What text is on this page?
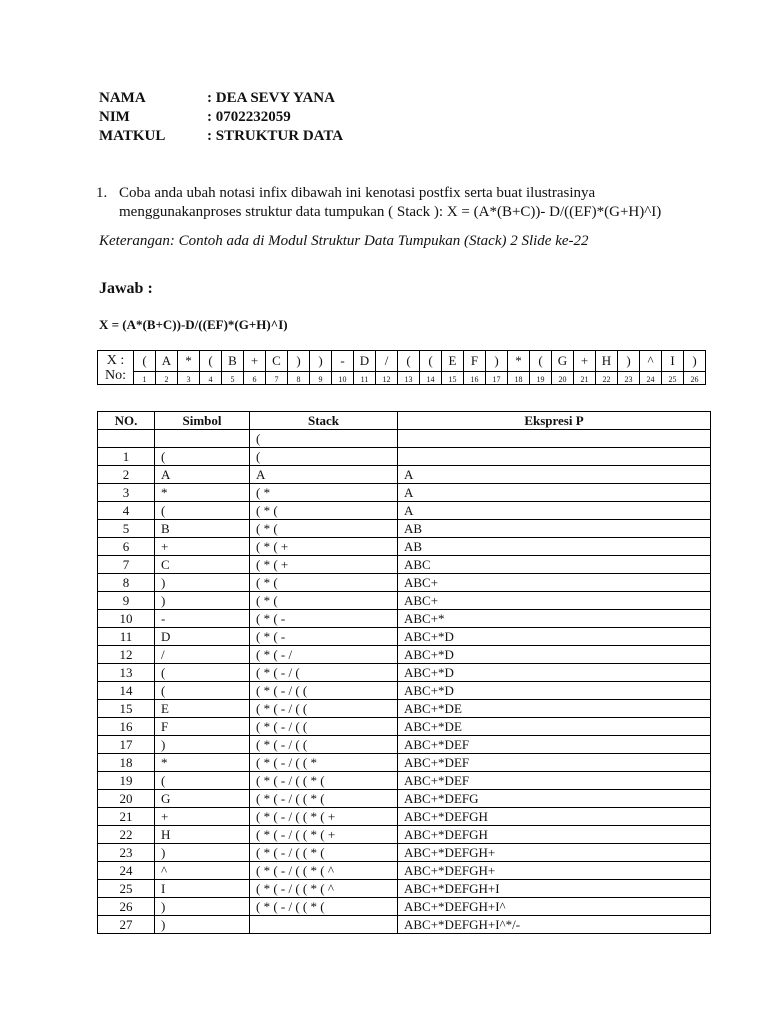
NAMA	: DEA SEVY YANA
NIM	: 0702232059
MATKUL	: STRUKTUR DATA
1. Coba anda ubah notasi infix dibawah ini kenotasi postfix serta buat ilustrasinya
menggunakanproses struktur data tumpukan ( Stack ): X = (A*(B+C))- D/((EF)*(G+H)^I)
Keterangan: Contoh ada di Modul Struktur Data Tumpukan (Stack) 2 Slide ke-22
Jawab :
X = (A*(B+C))-D/((EF)*(G+H)^I)
X :
No:	(	A	*	(	B	+	C	)	)	-	D	/	(	(	E	F	)	*	(	G	+	H	)	^	I	)
	1	2	3	4	5	6	7	8	9	10	11	12	13	14	15	16	17	18	19	20	21	22	23	24	25	26
NO.	Simbol	Stack	Ekspresi P
		(	
1	(	(	
2	A	A	A
3	*	( *	A
4	(	( * (	A
5	B	( * (	AB
6	+	( * ( +	AB
7	C	( * ( +	ABC
8	)	( * (	ABC+
9	)	( * (	ABC+
10	-	( * ( -	ABC+*
11	D	( * ( -	ABC+*D
12	/	( * ( - /	ABC+*D
13	(	( * ( - / (	ABC+*D
14	(	( * ( - / ( (	ABC+*D
15	E	( * ( - / ( (	ABC+*DE
16	F	( * ( - / ( (	ABC+*DE
17	)	( * ( - / ( (	ABC+*DEF
18	*	( * ( - / ( ( *	ABC+*DEF
19	(	( * ( - / ( ( * (	ABC+*DEF
20	G	( * ( - / ( ( * (	ABC+*DEFG
21	+	( * ( - / ( ( * ( +	ABC+*DEFGH
22	H	( * ( - / ( ( * ( +	ABC+*DEFGH
23	)	( * ( - / ( ( * (	ABC+*DEFGH+
24	^	( * ( - / ( ( * ( ^	ABC+*DEFGH+
25	I	( * ( - / ( ( * ( ^	ABC+*DEFGH+I
26	)	( * ( - / ( ( * (	ABC+*DEFGH+I^
27	)		ABC+*DEFGH+I^*/-
